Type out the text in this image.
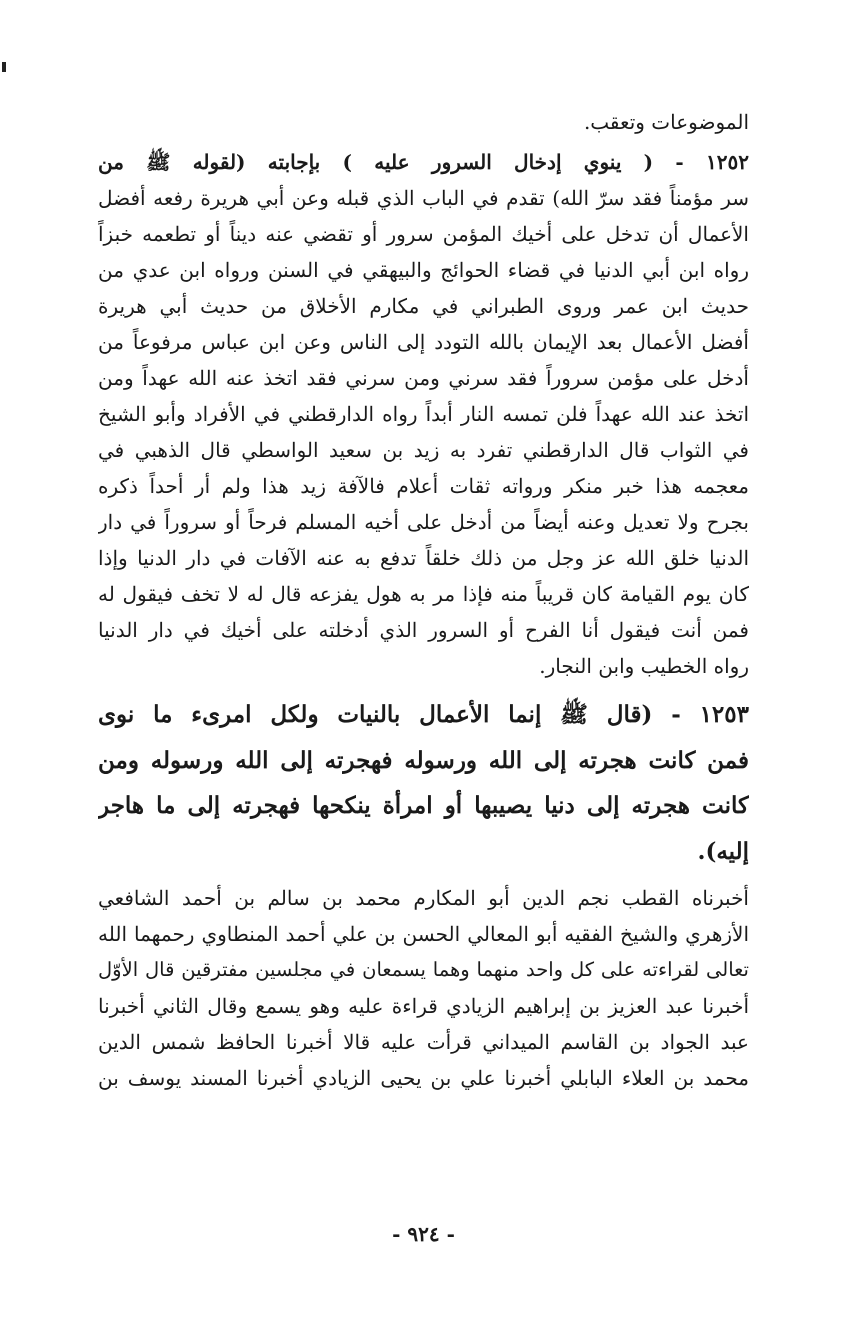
الموضوعات وتعقب.
١٢٥٢ - ( ينوي إدخال السرور عليه ) بإجابته (لقوله ﷺ من
سر مؤمناً فقد سرّ الله) تقدم في الباب الذي قبله وعن أبي هريرة رفعه أفضل
الأعمال أن تدخل على أخيك المؤمن سرور أو تقضي عنه ديناً أو تطعمه خبزاً
رواه ابن أبي الدنيا في قضاء الحوائج والبيهقي في السنن ورواه ابن عدي من
حديث ابن عمر وروى الطبراني في مكارم الأخلاق من حديث أبي هريرة
أفضل الأعمال بعد الإيمان بالله التودد إلى الناس وعن ابن عباس مرفوعاً من
أدخل على مؤمن سروراً فقد سرني ومن سرني فقد اتخذ عنه الله عهداً ومن
اتخذ عند الله عهداً فلن تمسه النار أبداً رواه الدارقطني في الأفراد وأبو الشيخ
في الثواب قال الدارقطني تفرد به زيد بن سعيد الواسطي قال الذهبي في
معجمه هذا خبر منكر ورواته ثقات أعلام فالآفة زيد هذا ولم أر أحداً ذكره
بجرح ولا تعديل وعنه أيضاً من أدخل على أخيه المسلم فرحاً أو سروراً في دار
الدنيا خلق الله عز وجل من ذلك خلقاً تدفع به عنه الآفات في دار الدنيا وإذا
كان يوم القيامة كان قريباً منه فإذا مر به هول يفزعه قال له لا تخف فيقول له
فمن أنت فيقول أنا الفرح أو السرور الذي أدخلته على أخيك في دار الدنيا
رواه الخطيب وابن النجار.
١٢٥٣ - (قال ﷺ إنما الأعمال بالنيات ولكل امرىء ما نوى
فمن كانت هجرته إلى الله ورسوله فهجرته إلى الله ورسوله ومن
كانت هجرته إلى دنيا يصيبها أو امرأة ينكحها فهجرته إلى ما هاجر
إليه).
أخبرناه القطب نجم الدين أبو المكارم محمد بن سالم بن أحمد الشافعي
الأزهري والشيخ الفقيه أبو المعالي الحسن بن علي أحمد المنطاوي رحمهما الله
تعالى لقراءته على كل واحد منهما وهما يسمعان في مجلسين مفترقين قال الأوّل
أخبرنا عبد العزيز بن إبراهيم الزيادي قراءة عليه وهو يسمع وقال الثاني أخبرنا
عبد الجواد بن القاسم الميداني قرأت عليه قالا أخبرنا الحافظ شمس الدين
محمد بن العلاء البابلي أخبرنا علي بن يحيى الزيادي أخبرنا المسند يوسف بن
- ٩٢٤ -
